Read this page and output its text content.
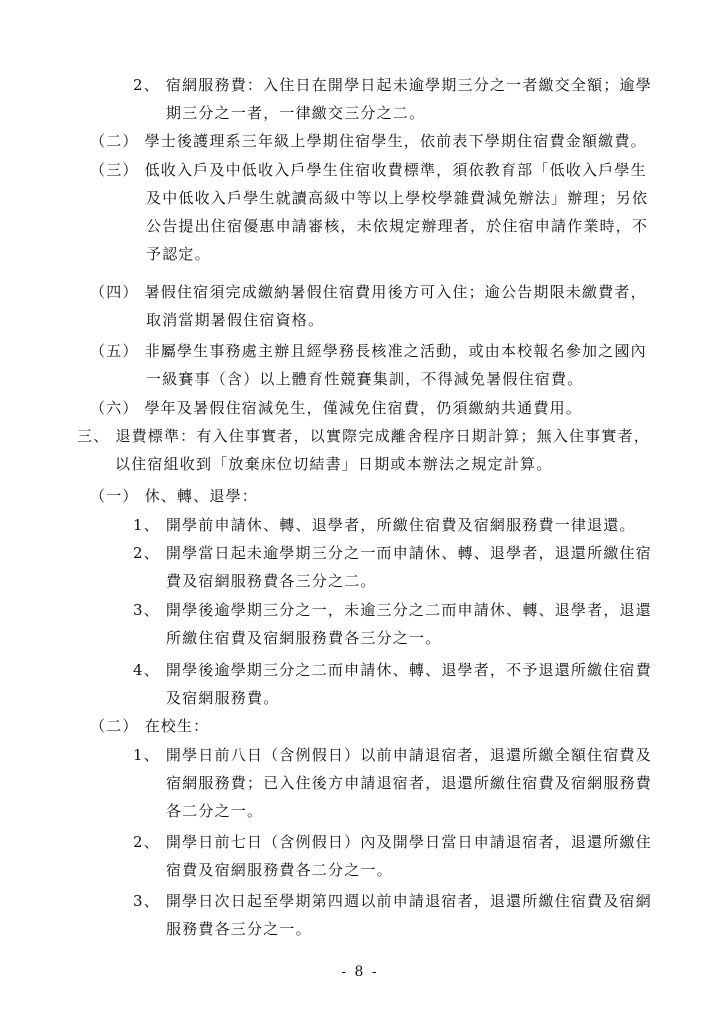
2、 宿網服務費：入住日在開學日起未逾學期三分之一者繳交全額；逾學
期三分之一者，一律繳交三分之二。
（二） 學士後護理系三年級上學期住宿學生，依前表下學期住宿費金額繳費。
（三） 低收入戶及中低收入戶學生住宿收費標準，須依教育部「低收入戶學生
及中低收入戶學生就讀高級中等以上學校學雜費減免辦法」辦理；另依
公告提出住宿優惠申請審核，未依規定辦理者，於住宿申請作業時，不
予認定。
（四） 暑假住宿須完成繳納暑假住宿費用後方可入住；逾公告期限未繳費者，
取消當期暑假住宿資格。
（五） 非屬學生事務處主辦且經學務長核准之活動，或由本校報名參加之國內
一級賽事（含）以上體育性競賽集訓，不得減免暑假住宿費。
（六） 學年及暑假住宿減免生，僅減免住宿費，仍須繳納共通費用。
三、 退費標準：有入住事實者，以實際完成離舍程序日期計算；無入住事實者，
以住宿組收到「放棄床位切結書」日期或本辦法之規定計算。
（一） 休、轉、退學：
1、 開學前申請休、轉、退學者，所繳住宿費及宿網服務費一律退還。
2、 開學當日起未逾學期三分之一而申請休、轉、退學者，退還所繳住宿
費及宿網服務費各三分之二。
3、 開學後逾學期三分之一，未逾三分之二而申請休、轉、退學者，退還
所繳住宿費及宿網服務費各三分之一。
4、 開學後逾學期三分之二而申請休、轉、退學者，不予退還所繳住宿費
及宿網服務費。
（二） 在校生：
1、 開學日前八日（含例假日）以前申請退宿者，退還所繳全額住宿費及
宿網服務費；已入住後方申請退宿者，退還所繳住宿費及宿網服務費
各二分之一。
2、 開學日前七日（含例假日）內及開學日當日申請退宿者，退還所繳住
宿費及宿網服務費各二分之一。
3、 開學日次日起至學期第四週以前申請退宿者，退還所繳住宿費及宿網
服務費各三分之一。
- 8 -
